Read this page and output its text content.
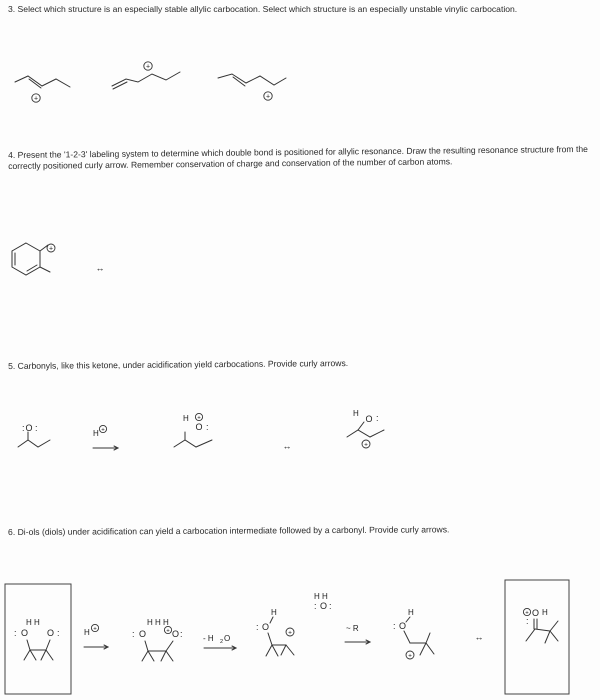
3. Select which structure is an especially stable allylic carbocation. Select which structure is an especially unstable vinylic carbocation.

4. Present the '1-2-3' labeling system to determine which double bond is positioned for allylic resonance. Draw the resulting resonance structure from the correctly positioned curly arrow. Remember conservation of charge and conservation of the number of carbon atoms.

5. Carbonyls, like this ketone, under acidification yield carbocations. Provide curly arrows.

6. Di-ols (diols) under acidification can yield a carbocation intermediate followed by a carbonyl. Provide curly arrows.

+
+
+
+
↔
O
: :
H +
H +
O :
↔
H
O :
+
H H
O O
:	:	H +
H H H
+
O	O
:	:	- H 2 O
H
O
:
+
H H
O
: :
~ R
H
O
:
+
↔
+ O
:
H
